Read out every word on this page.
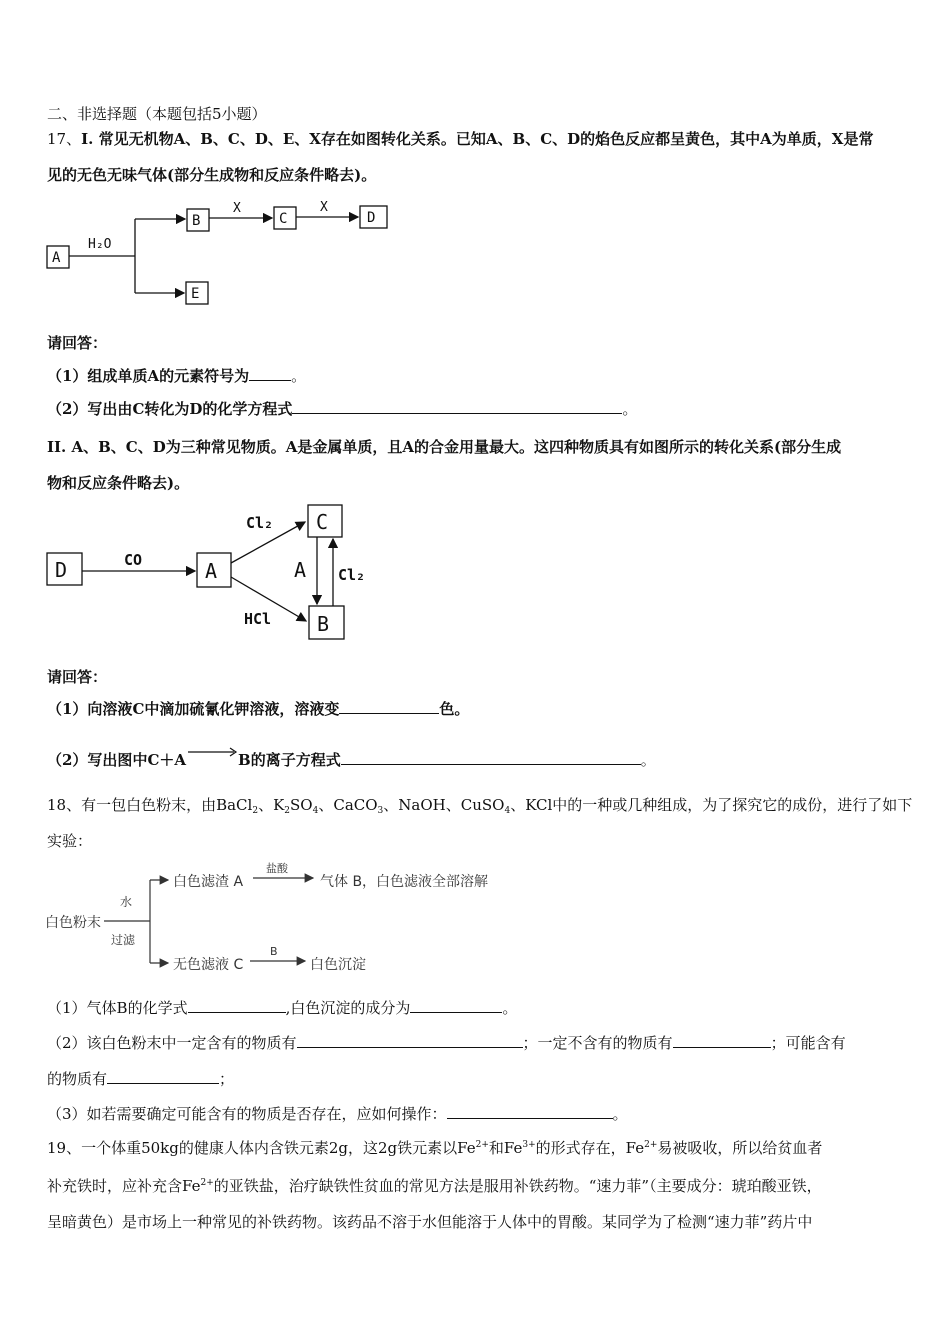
二、非选择题（本题包括5小题）
17、I. 常见无机物A、B、C、D、E、X存在如图转化关系。已知A、B、C、D的焰色反应都呈黄色，其中A为单质，X是常
见的无色无味气体(部分生成物和反应条件略去)。
A
B	C	D
E
H₂O
X	X
请回答：
（1）组成单质A的元素符号为	。
（2）写出由C转化为D的化学方程式	。
II. A、B、C、D为三种常见物质。A是金属单质，且A的合金用量最大。这四种物质具有如图所示的转化关系(部分生成
物和反应条件略去)。
D	A
C
B
A
CO
Cl₂
HCl
Cl₂
请回答：
（1）向溶液C中滴加硫氰化钾溶液，溶液变	色。
（2）写出图中C＋A→B的离子方程式	。
18、有一包白色粉末，由BaCl$_2$、$K_2SO_4$、CaCO$_3$、NaOH、CuSO$_4$、KCl中的一种或几种组成，为了探究它的成份，进行了如下
实验：
白色粉末
水
过滤
白色滤渣 A
盐酸
气体 B，白色滤液全部溶解
无色滤液 C
B
白色沉淀
（1）气体B的化学式	,白色沉淀的成分为	。
（2）该白色粉末中一定含有的物质有	；一定不含有的物质有	；可能含有
的物质有	；
（3）如若需要确定可能含有的物质是否存在，应如何操作：	。
19、一个体重50kg的健康人体内含铁元素2g，这2g铁元素以$Fe^{2+}$和$Fe^{3+}$的形式存在，$Fe^{2+}$易被吸收，所以给贫血者
补充铁时，应补充含$Fe^{2+}$的亚铁盐，治疗缺铁性贫血的常见方法是服用补铁药物。“速力菲”（主要成分：琥珀酸亚铁，
呈暗黄色）是市场上一种常见的补铁药物。该药品不溶于水但能溶于人体中的胃酸。某同学为了检测“速力菲”药片中
